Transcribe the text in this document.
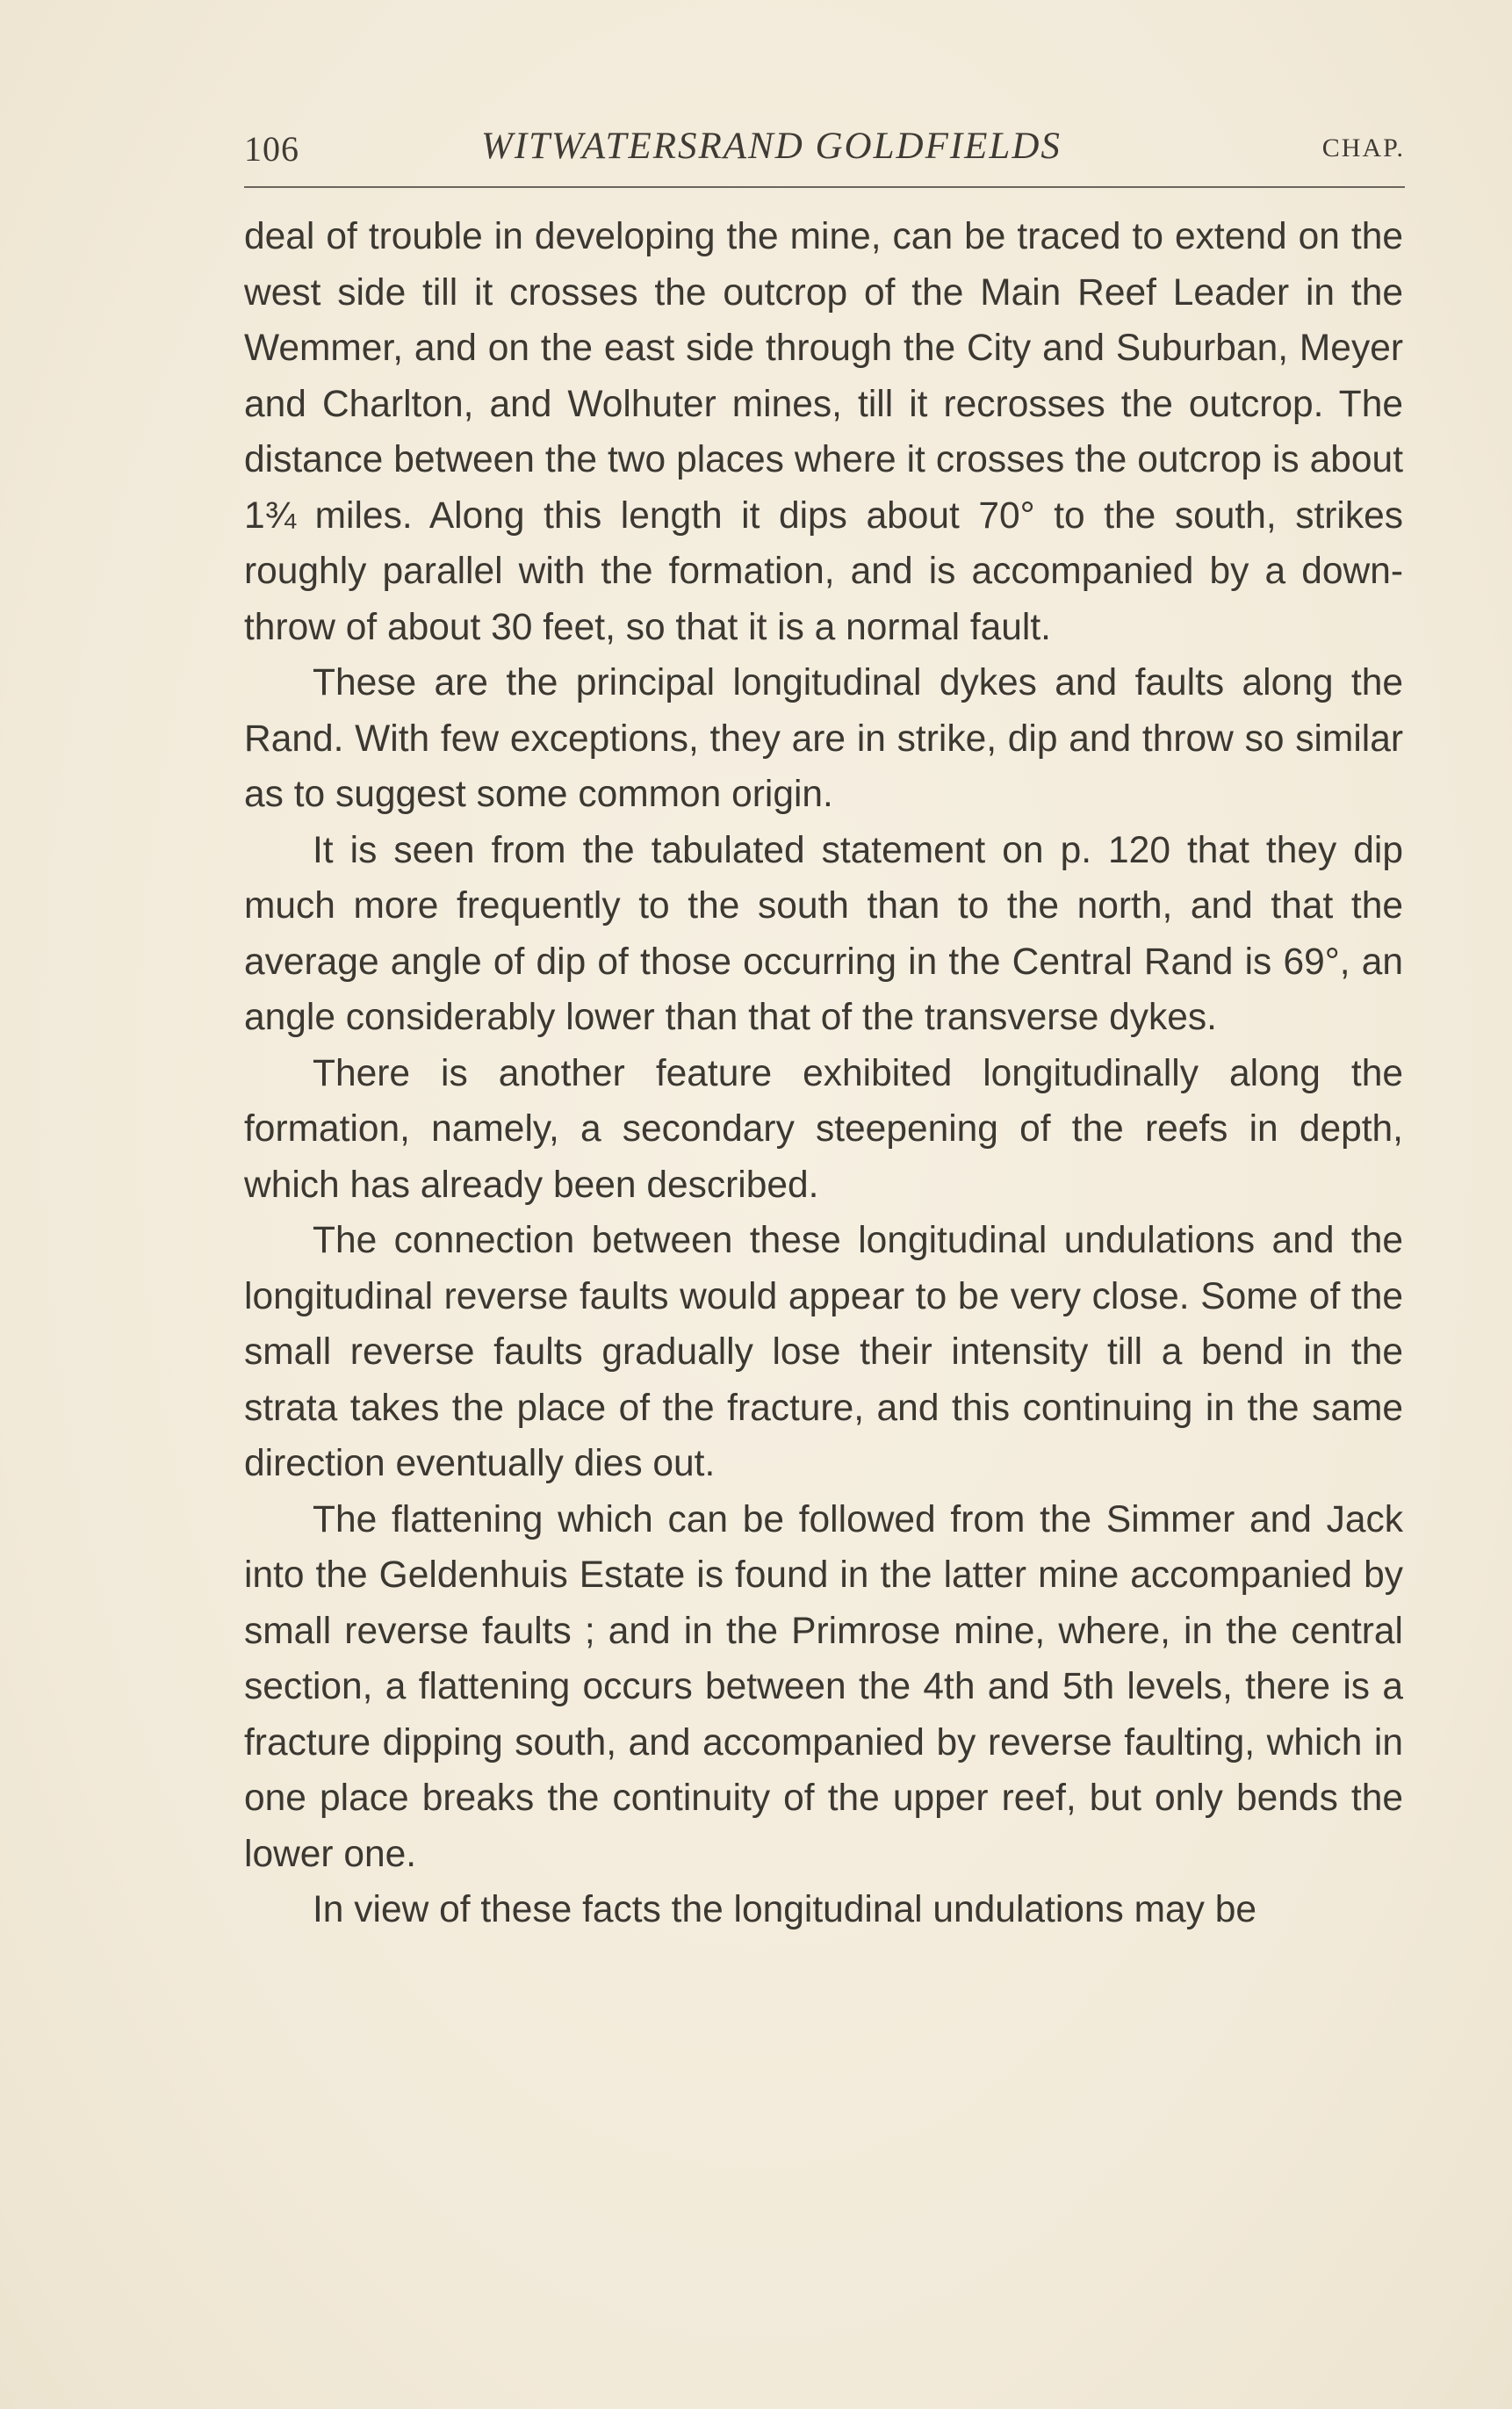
106	WITWATERSRAND GOLDFIELDS	CHAP.

deal of trouble in developing the mine, can be traced to extend on the west side till it crosses the outcrop of the Main Reef Leader in the Wemmer, and on the east side through the City and Suburban, Meyer and Charlton, and Wolhuter mines, till it recrosses the outcrop. The distance between the two places where it crosses the outcrop is about 1¾ miles. Along this length it dips about 70° to the south, strikes roughly parallel with the formation, and is accompanied by a downthrow of about 30 feet, so that it is a normal fault.

These are the principal longitudinal dykes and faults along the Rand. With few exceptions, they are in strike, dip and throw so similar as to suggest some common origin.

It is seen from the tabulated statement on p. 120 that they dip much more frequently to the south than to the north, and that the average angle of dip of those occurring in the Central Rand is 69°, an angle considerably lower than that of the transverse dykes.

There is another feature exhibited longitudinally along the formation, namely, a secondary steepening of the reefs in depth, which has already been described.

The connection between these longitudinal undulations and the longitudinal reverse faults would appear to be very close. Some of the small reverse faults gradually lose their intensity till a bend in the strata takes the place of the fracture, and this continuing in the same direction eventually dies out.

The flattening which can be followed from the Simmer and Jack into the Geldenhuis Estate is found in the latter mine accompanied by small reverse faults ; and in the Primrose mine, where, in the central section, a flattening occurs between the 4th and 5th levels, there is a fracture dipping south, and accompanied by reverse faulting, which in one place breaks the continuity of the upper reef, but only bends the lower one.

In view of these facts the longitudinal undulations may be
